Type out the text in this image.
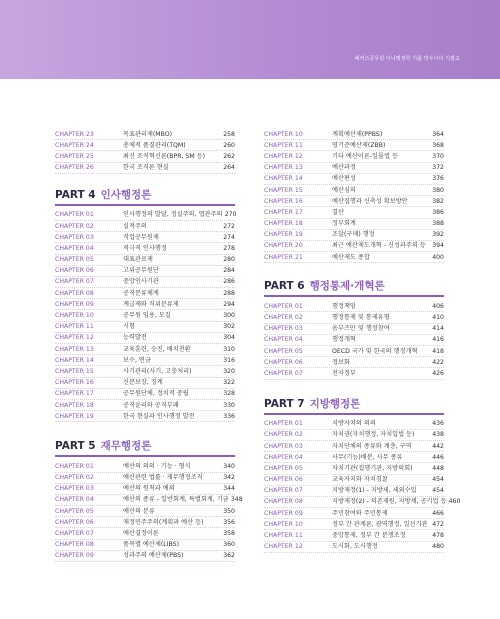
해커스공무원 이나행정학 기출 박우이더 기필교
CHAPTER 23	목표관리제(MBO)	258
CHAPTER 24	총체적 품질관리(TQM)	260
CHAPTER 25	최신 조직혁신론(BPR, SM 등)	262
CHAPTER 26	한국 조직론 현실	264
PART 4 인사행정론
CHAPTER 01	인사행정의 발달, 정실주의, 엽관주의 270
CHAPTER 02	실적주의	272
CHAPTER 03	직업공무원제	274
CHAPTER 04	적극적 인사행정	278
CHAPTER 05	대표관료제	280
CHAPTER 06	고위공무원단	284
CHAPTER 07	중앙인사기관	286
CHAPTER 08	공직분류체계	288
CHAPTER 09	계급제와 직위분류제	294
CHAPTER 10	공무원 임용, 모집	300
CHAPTER 11	시험	302
CHAPTER 12	능력발전	304
CHAPTER 13	교육훈련, 승진, 배치전환	310
CHAPTER 14	보수, 연금	316
CHAPTER 15	사기관리(사기, 고충처리)	320
CHAPTER 16	신분보장, 징계	322
CHAPTER 17	공무원단체, 정치적 중립	328
CHAPTER 18	공직윤리와 공직부패	330
CHAPTER 19	한국 현실과 인사행정 발전	336
PART 5 재무행정론
CHAPTER 01	예산의 의의 · 기능 · 형식	340
CHAPTER 02	예산관련 법률 · 재무행정조직	342
CHAPTER 03	예산의 원칙과 예외	344
CHAPTER 04	예산의 종류 - 일반회계, 특별회계, 기금 348
CHAPTER 05	예산의 분류	350
CHAPTER 06	재정민주주의(계획과 예산 등)	356
CHAPTER 07	예산결정이론	358
CHAPTER 08	품목별 예산제(LIBS)	360
CHAPTER 09	성과주의 예산제(PBS)	362
CHAPTER 10	계획예산제(PPBS)	364
CHAPTER 11	영기준예산제(ZBB)	368
CHAPTER 12	기타 예산이론-일몰법 등	370
CHAPTER 13	예산과정	372
CHAPTER 14	예산편성	376
CHAPTER 15	예산심의	380
CHAPTER 16	예산집행과 신축성 확보방안	382
CHAPTER 17	결산	386
CHAPTER 18	정부회계	388
CHAPTER 19	조달(구매) 행정	392
CHAPTER 20	최근 예산제도개혁 - 신성과주의 등	394
CHAPTER 21	예산제도 종합	400
PART 6 행정통제·개혁론
CHAPTER 01	행정책임	406
CHAPTER 02	행정통제 및 통제유형	410
CHAPTER 03	옴부즈만 및 행정참여	414
CHAPTER 04	행정개혁	416
CHAPTER 05	OECD 국가 및 한국의 행정개혁	418
CHAPTER 06	정보화	422
CHAPTER 07	전자정부	426
PART 7 지방행정론
CHAPTER 01	지방자치의 의의	436
CHAPTER 02	자치권(자치행정, 자치입법 등)	438
CHAPTER 03	자치단체의 종류와 계층, 구역	442
CHAPTER 04	사무(기능)배분, 사무 종류	446
CHAPTER 05	자치기관(집행기관, 지방의회)	448
CHAPTER 06	교육자치와 자치경찰	454
CHAPTER 07	지방재정(1) - 지방세, 세외수입	454
CHAPTER 08	지방재정(2) - 의존재원, 지방채, 공기업 등 460
CHAPTER 09	주민참여와 주민통제	466
CHAPTER 10	정부 간 관계론, 광역행정, 일선기관 472
CHAPTER 11	중앙통제, 정부 간 분쟁조정	478
CHAPTER 12	도시화, 도시행정	480
